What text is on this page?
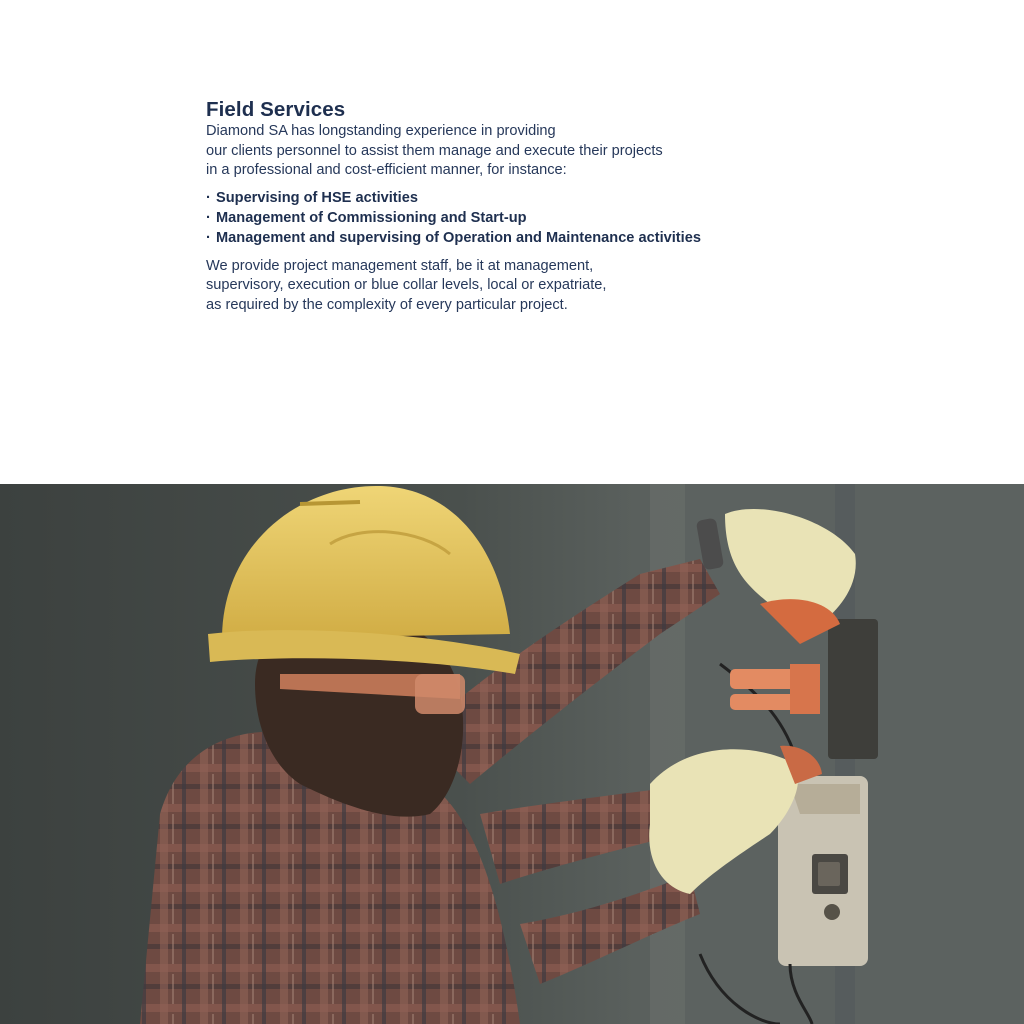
Field Services

Diamond SA has longstanding experience in providing
our clients personnel to assist them manage and execute their projects
in a professional and cost-efficient manner, for instance:

· Supervising of HSE activities
· Management of Commissioning and Start-up
· Management and supervising of Operation and Maintenance activities

We provide project management staff, be it at management,
supervisory, execution or blue collar levels, local or expatriate,
as required by the complexity of every particular project.
